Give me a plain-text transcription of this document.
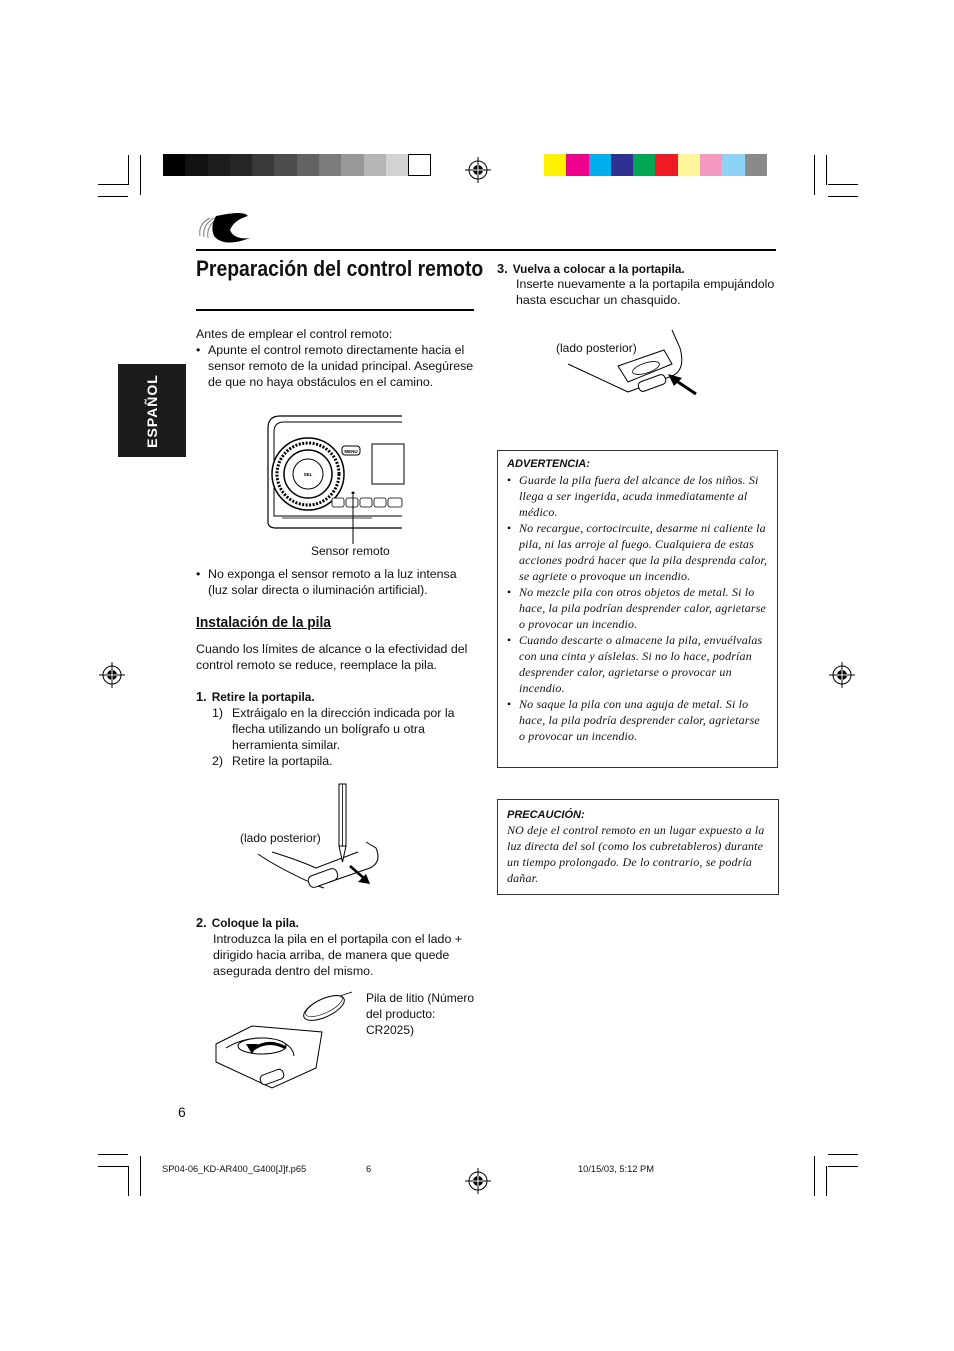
ESPAÑOL
Preparación del control remoto
Antes de emplear el control remoto:
• Apunte el control remoto directamente hacia el sensor remoto de la unidad principal. Asegúrese de que no haya obstáculos en el camino.
SEL
MENU
Sensor remoto
• No exponga el sensor remoto a la luz intensa (luz solar directa o iluminación artificial).
Instalación de la pila
Cuando los límites de alcance o la efectividad del control remoto se reduce, reemplace la pila.
1. Retire la portapila.
1) Extráigalo en la dirección indicada por la flecha utilizando un bolígrafo u otra herramienta similar.
2) Retire la portapila.
(lado posterior)
2. Coloque la pila.
Introduzca la pila en el portapila con el lado + dirigido hacia arriba, de manera que quede asegurada dentro del mismo.
Pila de litio (Número del producto: CR2025)
6
3. Vuelva a colocar a la portapila.
Inserte nuevamente a la portapila empujándolo hasta escuchar un chasquido.
(lado posterior)
ADVERTENCIA:
• Guarde la pila fuera del alcance de los niños. Si llega a ser ingerida, acuda inmediatamente al médico.
• No recargue, cortocircuite, desarme ni caliente la pila, ni las arroje al fuego. Cualquiera de estas acciones podrá hacer que la pila desprenda calor, se agriete o provoque un incendio.
• No mezcle pila con otros objetos de metal. Si lo hace, la pila podrían desprender calor, agrietarse o provocar un incendio.
• Cuando descarte o almacene la pila, envuélvalas con una cinta y aíslelas. Si no lo hace, podrían desprender calor, agrietarse o provocar un incendio.
• No saque la pila con una aguja de metal. Si lo hace, la pila podría desprender calor, agrietarse o provocar un incendio.
PRECAUCIÓN:
NO deje el control remoto en un lugar expuesto a la luz directa del sol (como los cubretableros) durante un tiempo prolongado. De lo contrario, se podría dañar.
SP04-06_KD-AR400_G400[J]f.p65	6	10/15/03, 5:12 PM
